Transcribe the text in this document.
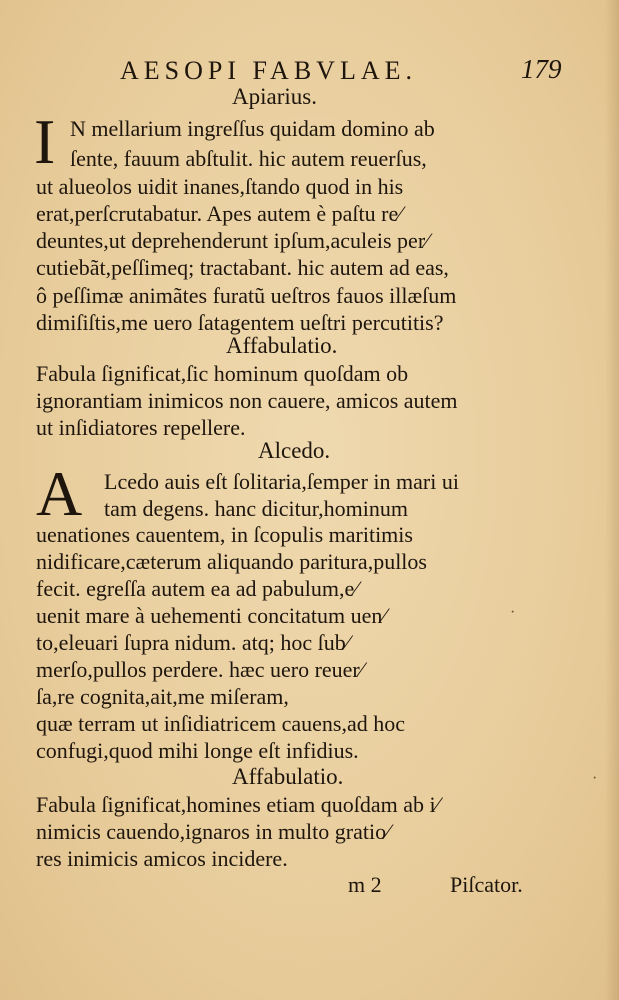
AESOPI FABVLAE.	179
Apiarius.
I N mellarium ingreſſus quidam domino ab
ſente, fauum abſtulit. hic autem reuerſus,
ut alueolos uidit inanes,ſtando quod in his
erat,perſcrutabatur. Apes autem è paſtu re⁄
deuntes,ut deprehenderunt ipſum,aculeis per⁄
cutiebãt,peſſimeq; tractabant. hic autem ad eas,
ô peſſimæ animãtes furatũ ueſtros fauos illæſum
dimiſiſtis,me uero ſatagentem ueſtri percutitis?
Affabulatio.
Fabula ſignificat,ſic hominum quoſdam ob
ignorantiam inimicos non cauere, amicos autem
ut inſidiatores repellere.
Alcedo.
A Lcedo auis eſt ſolitaria,ſemper in mari ui
tam degens. hanc dicitur,hominum
uenationes cauentem, in ſcopulis maritimis
nidificare,cæterum aliquando paritura,pullos
fecit. egreſſa autem ea ad pabulum,e⁄
uenit mare à uehementi concitatum uen⁄
to,eleuari ſupra nidum. atq; hoc ſub⁄
merſo,pullos perdere. hæc uero reuer⁄
ſa,re cognita,ait,me miſeram,
quæ terram ut inſidiatricem cauens,ad hoc
confugi,quod mihi longe eſt infidius.
Affabulatio.
Fabula ſignificat,homines etiam quoſdam ab i⁄
nimicis cauendo,ignaros in multo gratio⁄
res inimicis amicos incidere.
·
·
m 2	Piſcator.
